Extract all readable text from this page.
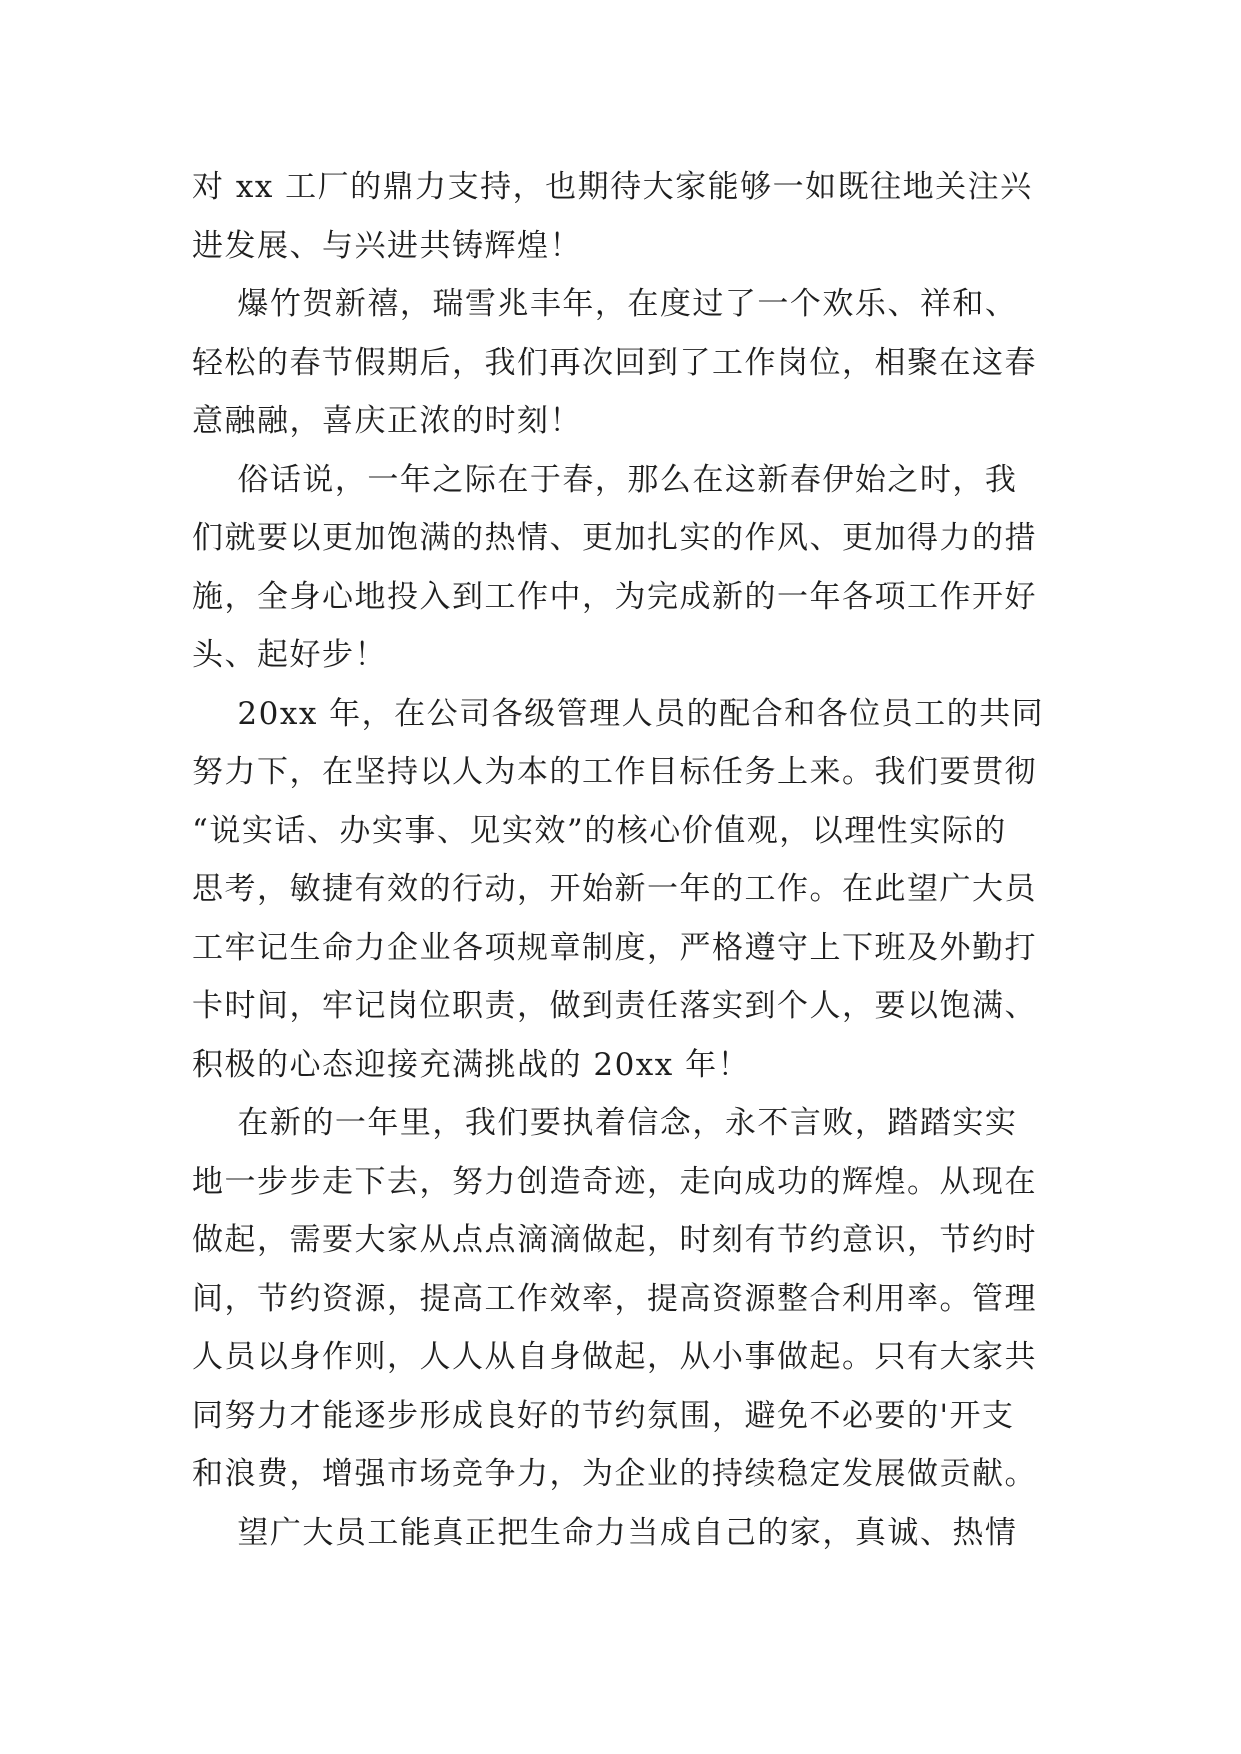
对 xx 工厂的鼎力支持，也期待大家能够一如既往地关注兴
进发展、与兴进共铸辉煌！
爆竹贺新禧，瑞雪兆丰年，在度过了一个欢乐、祥和、
轻松的春节假期后，我们再次回到了工作岗位，相聚在这春
意融融，喜庆正浓的时刻！
俗话说，一年之际在于春，那么在这新春伊始之时，我
们就要以更加饱满的热情、更加扎实的作风、更加得力的措
施，全身心地投入到工作中，为完成新的一年各项工作开好
头、起好步！
20xx 年，在公司各级管理人员的配合和各位员工的共同
努力下，在坚持以人为本的工作目标任务上来。我们要贯彻
“说实话、办实事、见实效”的核心价值观，以理性实际的
思考，敏捷有效的行动，开始新一年的工作。在此望广大员
工牢记生命力企业各项规章制度，严格遵守上下班及外勤打
卡时间，牢记岗位职责，做到责任落实到个人，要以饱满、
积极的心态迎接充满挑战的 20xx 年！
在新的一年里，我们要执着信念，永不言败，踏踏实实
地一步步走下去，努力创造奇迹，走向成功的辉煌。从现在
做起，需要大家从点点滴滴做起，时刻有节约意识，节约时
间，节约资源，提高工作效率，提高资源整合利用率。管理
人员以身作则，人人从自身做起，从小事做起。只有大家共
同努力才能逐步形成良好的节约氛围，避免不必要的'开支
和浪费，增强市场竞争力，为企业的持续稳定发展做贡献。
望广大员工能真正把生命力当成自己的家，真诚、热情
